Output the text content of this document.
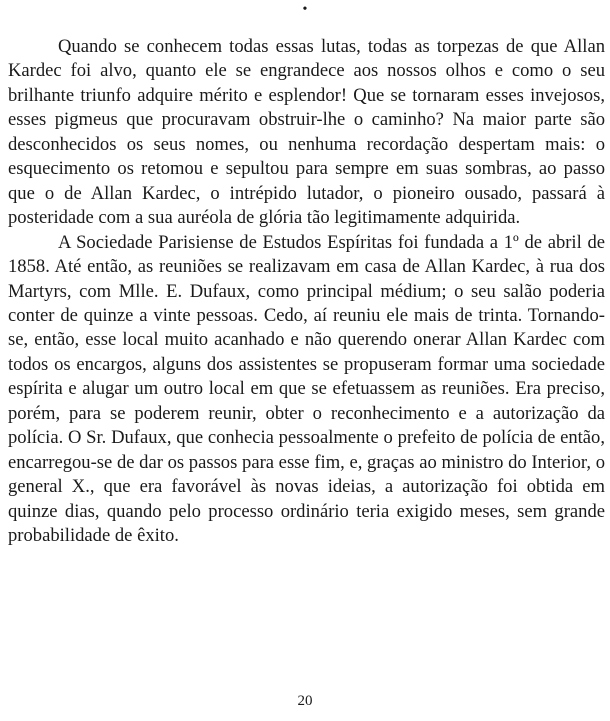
•

Quando se conhecem todas essas lutas, todas as torpezas de que Allan Kardec foi alvo, quanto ele se engrandece aos nossos olhos e como o seu brilhante triunfo adquire mérito e esplendor! Que se tornaram esses invejosos, esses pigmeus que procuravam obstruir-lhe o caminho? Na maior parte são desconhecidos os seus nomes, ou nenhuma recordação despertam mais: o esquecimento os retomou e sepultou para sempre em suas sombras, ao passo que o de Allan Kardec, o intrépido lutador, o pioneiro ousado, passará à posteridade com a sua auréola de glória tão legitimamente adquirida.

A Sociedade Parisiense de Estudos Espíritas foi fundada a 1º de abril de 1858. Até então, as reuniões se realizavam em casa de Allan Kardec, à rua dos Martyrs, com Mlle. E. Dufaux, como principal médium; o seu salão poderia conter de quinze a vinte pessoas. Cedo, aí reuniu ele mais de trinta. Tornando-se, então, esse local muito acanhado e não querendo onerar Allan Kardec com todos os encargos, alguns dos assistentes se propuseram formar uma sociedade espírita e alugar um outro local em que se efetuassem as reuniões. Era preciso, porém, para se poderem reunir, obter o reconhecimento e a autorização da polícia. O Sr. Dufaux, que conhecia pessoalmente o prefeito de polícia de então, encarregou-se de dar os passos para esse fim, e, graças ao ministro do Interior, o general X., que era favorável às novas ideias, a autorização foi obtida em quinze dias, quando pelo processo ordinário teria exigido meses, sem grande probabilidade de êxito.

20
